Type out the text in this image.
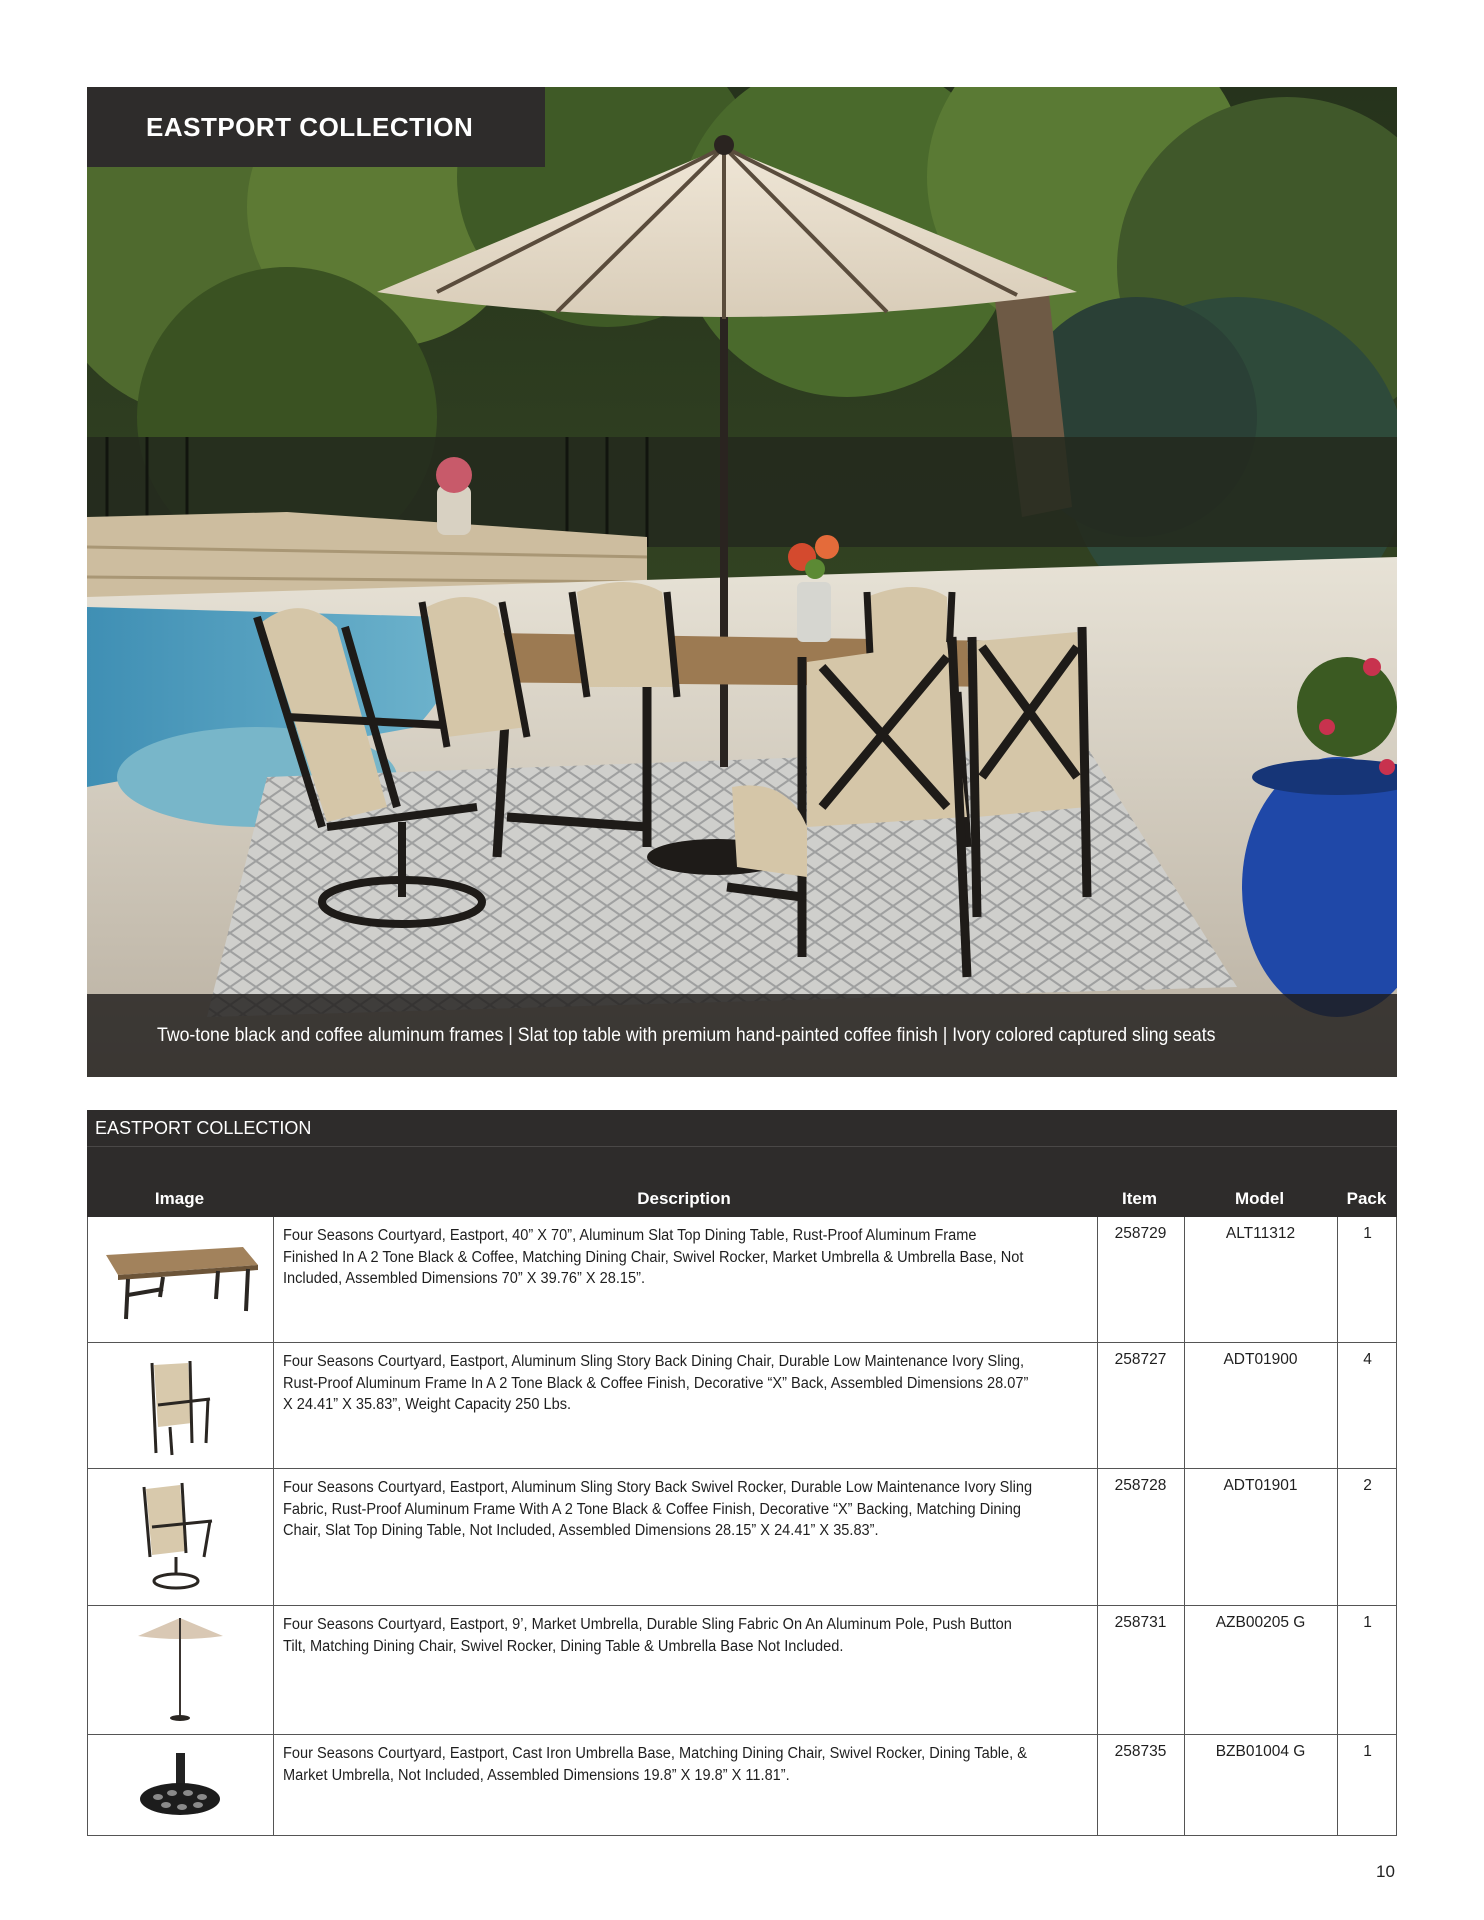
EASTPORT COLLECTION
Two-tone black and coffee aluminum frames | Slat top table with premium hand-painted coffee finish | Ivory colored captured sling seats
EASTPORT COLLECTION
Image	Description	Item	Model	Pack
Four Seasons Courtyard, Eastport, 40” X 70”, Aluminum Slat Top Dining Table, Rust-Proof Aluminum Frame Finished In A 2 Tone Black & Coffee, Matching Dining Chair, Swivel Rocker, Market Umbrella & Umbrella Base, Not Included, Assembled Dimensions 70” X 39.76” X 28.15”.
258729	ALT11312	1
Four Seasons Courtyard, Eastport, Aluminum Sling Story Back Dining Chair, Durable Low Maintenance Ivory Sling, Rust-Proof Aluminum Frame In A 2 Tone Black & Coffee Finish, Decorative “X” Back, Assembled Dimensions 28.07” X 24.41” X 35.83”, Weight Capacity 250 Lbs.
258727	ADT01900	4
Four Seasons Courtyard, Eastport, Aluminum Sling Story Back Swivel Rocker, Durable Low Maintenance Ivory Sling Fabric, Rust-Proof Aluminum Frame With A 2 Tone Black & Coffee Finish, Decorative “X” Backing, Matching Dining Chair, Slat Top Dining Table, Not Included, Assembled Dimensions 28.15” X 24.41” X 35.83”.
258728	ADT01901	2
Four Seasons Courtyard, Eastport, 9’, Market Umbrella, Durable Sling Fabric On An Aluminum Pole, Push Button Tilt, Matching Dining Chair, Swivel Rocker, Dining Table & Umbrella Base Not Included.
258731	AZB00205 G	1
Four Seasons Courtyard, Eastport, Cast Iron Umbrella Base, Matching Dining Chair, Swivel Rocker, Dining Table, & Market Umbrella, Not Included, Assembled Dimensions 19.8” X 19.8” X 11.81”.
258735	BZB01004 G	1
10
